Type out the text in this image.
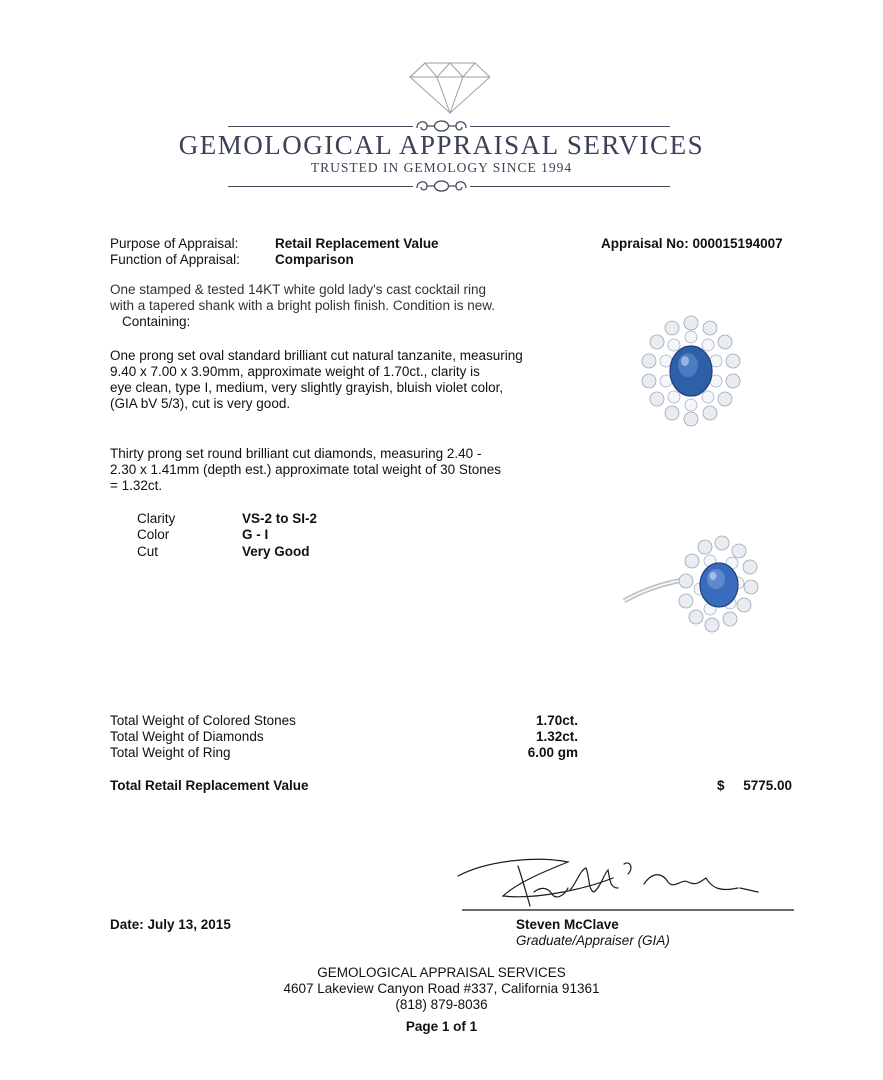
GEMOLOGICAL APPRAISAL SERVICES
TRUSTED IN GEMOLOGY SINCE 1994
Purpose of Appraisal:	Retail Replacement Value
Function of Appraisal:	Comparison
Appraisal No: 000015194007
One stamped & tested 14KT white gold lady's cast cocktail ring
with a tapered shank with a bright polish finish. Condition is new.
Containing:
One prong set oval standard brilliant cut natural tanzanite, measuring
9.40 x 7.00 x 3.90mm, approximate weight of 1.70ct., clarity is
eye clean, type I, medium, very slightly grayish, bluish violet color,
(GIA bV 5/3), cut is very good.
Thirty prong set round brilliant cut diamonds, measuring 2.40 -
2.30 x 1.41mm (depth est.) approximate total weight of 30 Stones
= 1.32ct.
Clarity	VS-2 to SI-2
Color	G - I
Cut	Very Good
Total Weight of Colored Stones	1.70ct.
Total Weight of Diamonds	1.32ct.
Total Weight of Ring	6.00 gm
Total Retail Replacement Value	$	5775.00
Date: July 13, 2015	Steven McClave
Graduate/Appraiser (GIA)
GEMOLOGICAL APPRAISAL SERVICES
4607 Lakeview Canyon Road #337, California 91361
(818) 879-8036
Page 1 of 1
